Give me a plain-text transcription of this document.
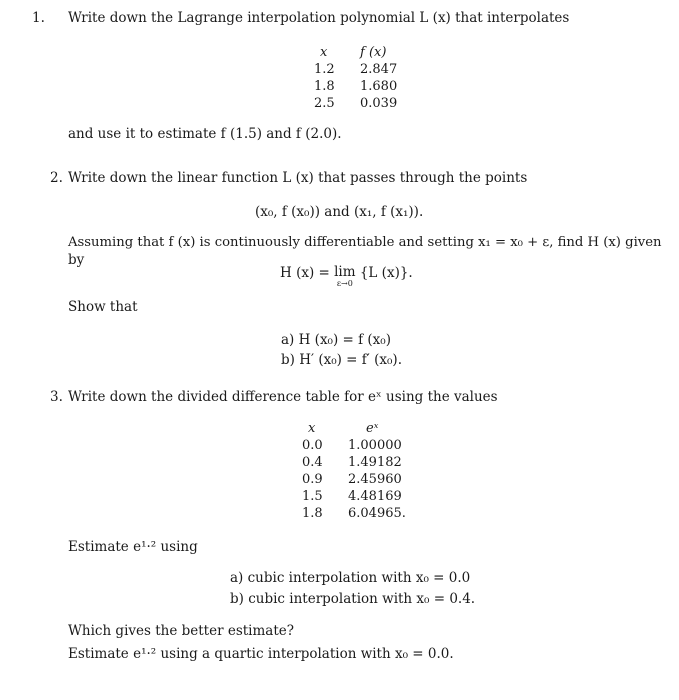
1. Write down the Lagrange interpolation polynomial L (x) that interpolates
x	f (x)
1.2	2.847
1.8	1.680
2.5	0.039
and use it to estimate f (1.5) and f (2.0).
2. Write down the linear function L (x) that passes through the points
(x₀, f (x₀)) and (x₁, f (x₁)).
Assuming that f (x) is continuously differentiable and setting x₁ = x₀ + ε, find H (x) given
by
H (x) = lim
ε→0
{L (x)}.
Show that
a) H (x₀) = f (x₀)
b) H′ (x₀) = f′ (x₀).
3. Write down the divided difference table for eˣ using the values
x	eˣ
0.0	1.00000
0.4	1.49182
0.9	2.45960
1.5	4.48169
1.8	6.04965.
Estimate e¹·² using
a) cubic interpolation with x₀ = 0.0
b) cubic interpolation with x₀ = 0.4.
Which gives the better estimate?
Estimate e¹·² using a quartic interpolation with x₀ = 0.0.
